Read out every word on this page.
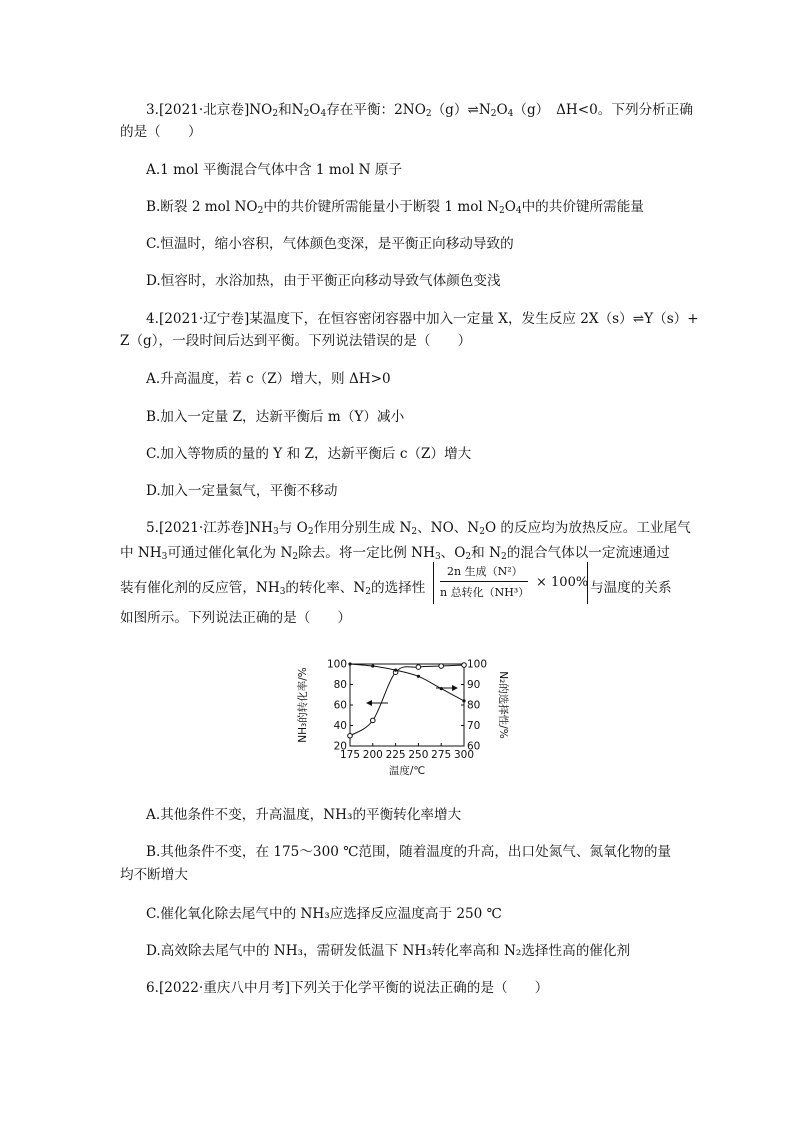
3.[2021·北京卷]$NO_2$和$N_2O_4$存在平衡：$2NO_2(g)\rightleftharpoons N_2O_4(g)$　ΔH<0。下列分析正确
的是（　　）
A.1 mol 平衡混合气体中含 1 mol N 原子
B.断裂 2 mol $NO_2$中的共价键所需能量小于断裂 1 mol $N_2O_4$中的共价键所需能量
C.恒温时，缩小容积，气体颜色变深，是平衡正向移动导致的
D.恒容时，水浴加热，由于平衡正向移动导致气体颜色变浅
4.[2021·辽宁卷]某温度下，在恒容密闭容器中加入一定量 X，发生反应 2X（s）⇌Y（s）+
Z（g），一段时间后达到平衡。下列说法错误的是（　　）
A.升高温度，若 c（Z）增大，则 ΔH>0
B.加入一定量 Z，达新平衡后 m（Y）减小
C.加入等物质的量的 Y 和 Z，达新平衡后 c（Z）增大
D.加入一定量氦气，平衡不移动
5.[2021·江苏卷]$NH_3$与 $O_2$作用分别生成 $N_2$、NO、$N_2O$ 的反应均为放热反应。工业尾气
中 $NH_3$可通过催化氧化为 $N_2$除去。将一定比例 $NH_3$、$O_2$和 $N_2$的混合气体以一定流速通过
装有催化剂的反应管，$NH_3$的转化率、$N_2$的选择性
2n 生成（N²）
n 总转化（NH³）
× 100% 与温度的关系
如图所示。下列说法正确的是（　　）
20
40
60
80
100
60
70
80
90
100
175 200 225 250 275 300
NH₃的转化率/%	N₂的选择性/%
温度/℃
A.其他条件不变，升高温度，NH₃的平衡转化率增大
B.其他条件不变，在 175～300 ℃范围，随着温度的升高，出口处氮气、氮氧化物的量
均不断增大
C.催化氧化除去尾气中的 NH₃应选择反应温度高于 250 ℃
D.高效除去尾气中的 NH₃，需研发低温下 NH₃转化率高和 N₂选择性高的催化剂
6.[2022·重庆八中月考]下列关于化学平衡的说法正确的是（　　）
